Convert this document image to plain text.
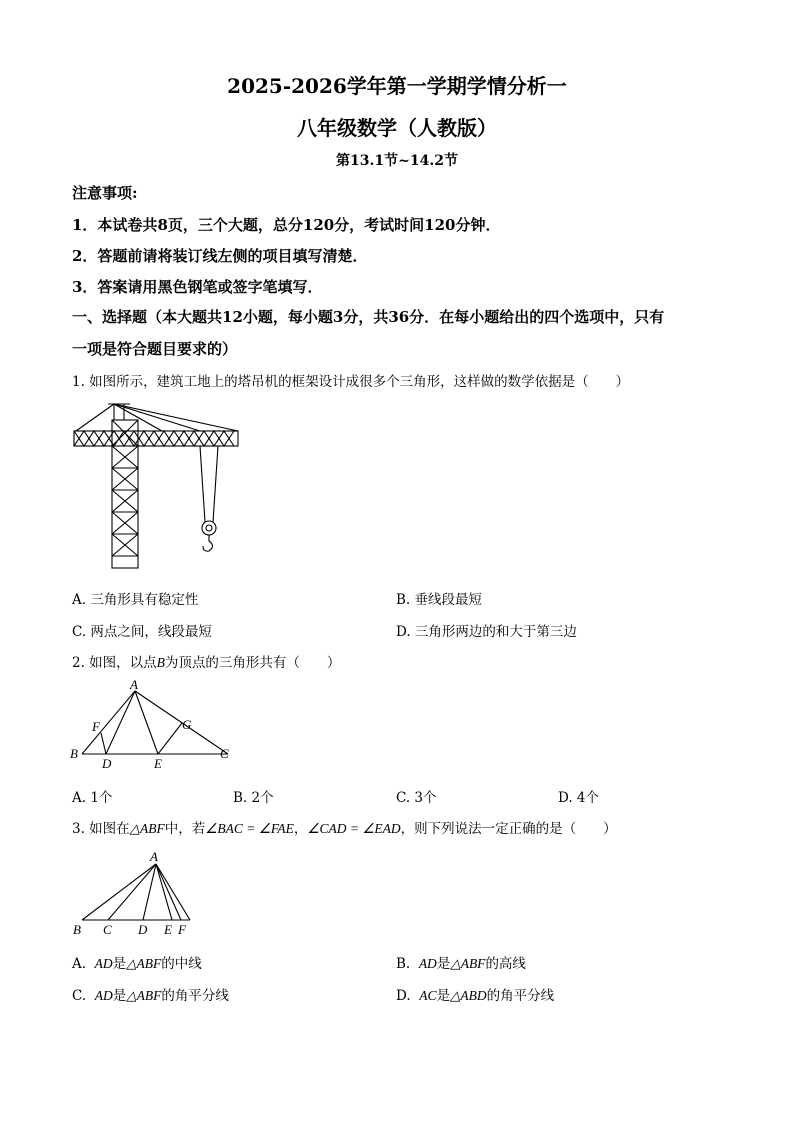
2025-2026学年第一学期学情分析一
八年级数学（人教版）
第13.1节~14.2节
注意事项:
1．本试卷共8页，三个大题，总分120分，考试时间120分钟．
2．答题前请将装订线左侧的项目填写清楚．
3．答案请用黑色钢笔或签字笔填写．
一、选择题（本大题共12小题，每小题3分，共36分．在每小题给出的四个选项中，只有
一项是符合题目要求的）
1. 如图所示，建筑工地上的塔吊机的框架设计成很多个三角形，这样做的数学依据是（　　）
A. 三角形具有稳定性	B. 垂线段最短
C. 两点之间，线段最短	D. 三角形两边的和大于第三边
2. 如图，以点B为顶点的三角形共有（　　）
A
B	C
D	E
F	G
A. 1个	B. 2个	C. 3个	D. 4个
3. 如图在△ABF中，若∠BAC = ∠FAE，∠CAD = ∠EAD，则下列说法一定正确的是（　　）
A
B C D E F
A. AD是△ABF的中线	B. AD是△ABF的高线
C. AD是△ABF的角平分线	D. AC是△ABD的角平分线
